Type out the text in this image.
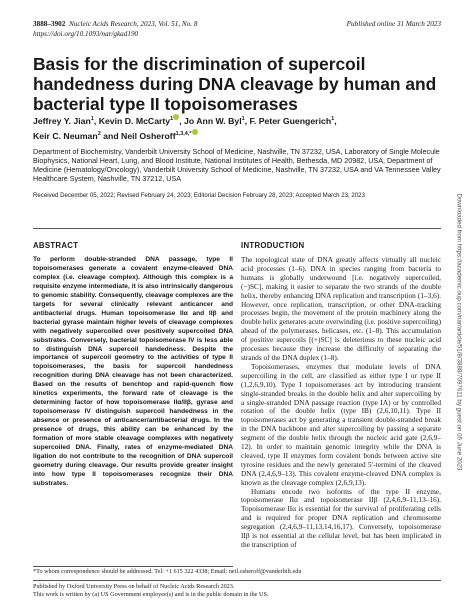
3888–3902 Nucleic Acids Research, 2023, Vol. 51, No. 8	Published online 31 March 2023
https://doi.org/10.1093/nar/gkad190
Basis for the discrimination of supercoil handedness during DNA cleavage by human and bacterial type II topoisomerases
Jeffrey Y. Jian$^1$, Kevin D. McCarty$^1$ , Jo Ann W. Byl$^1$, F. Peter Guengerich$^1$,
Keir C. Neuman$^2$ and Neil Osheroff$^{1,3,4,*}$
Department of Biochemistry, Vanderbilt University School of Medicine, Nashville, TN 37232, USA, Laboratory of Single Molecule Biophysics, National Heart, Lung, and Blood Institute, National Institutes of Health, Bethesda, MD 20982, USA, Department of Medicine (Hematology/Oncology), Vanderbilt University School of Medicine, Nashville, TN 37232, USA and VA Tennessee Valley Healthcare System, Nashville, TN 37212, USA
Received December 05, 2022; Revised February 24, 2023; Editorial Decision February 28, 2023; Accepted March 23, 2023
ABSTRACT

To perform double-stranded DNA passage, type II topoisomerases generate a covalent enzyme-cleaved DNA complex (i.e. cleavage complex). Although this complex is a requisite enzyme intermediate, it is also intrinsically dangerous to genomic stability. Consequently, cleavage complexes are the targets for several clinically relevant anticancer and antibacterial drugs. Human topoisomerase IIα and IIβ and bacterial gyrase maintain higher levels of cleavage complexes with negatively supercoiled over positively supercoiled DNA substrates. Conversely, bacterial topoisomerase IV is less able to distinguish DNA supercoil handedness. Despite the importance of supercoil geometry to the activities of type II topoisomerases, the basis for supercoil handedness recognition during DNA cleavage has not been characterized. Based on the results of benchtop and rapid-quench flow kinetics experiments, the forward rate of cleavage is the determining factor of how topoisomerase IIα/IIβ, gyrase and topoisomerase IV distinguish supercoil handedness in the absence or presence of anticancer/antibacterial drugs. In the presence of drugs, this ability can be enhanced by the formation of more stable cleavage complexes with negatively supercoiled DNA. Finally, rates of enzyme-mediated DNA ligation do not contribute to the recognition of DNA supercoil geometry during cleavage. Our results provide greater insight into how type II topoisomerases recognize their DNA substrates.

INTRODUCTION

The topological state of DNA greatly affects virtually all nucleic acid processes (1–6). DNA in species ranging from bacteria to humans is globally underwound [i.e. negatively supercoiled, (−)SC], making it easier to separate the two strands of the double helix, thereby enhancing DNA replication and transcription (1–3,6). However, once replication, transcription, or other DNA-tracking processes begin, the movement of the protein machinery along the double helix generates acute overwinding (i.e. positive supercoiling) ahead of the polymerases, helicases, etc. (1–8). This accumulation of positive supercoils [(+)SC] is deleterious to these nucleic acid processes because they increase the difficulty of separating the strands of the DNA duplex (1–8).

Topoisomerases, enzymes that modulate levels of DNA supercoiling in the cell, are classified as either type I or type II (1,2,6,9,10). Type I topoisomerases act by introducing transient single-stranded breaks in the double helix and alter supercoiling by a single-stranded DNA passage reaction (type IA) or by controlled rotation of the double helix (type IB) (2,6,10,11). Type II topoisomerases act by generating a transient double-stranded break in the DNA backbone and alter supercoiling by passing a separate segment of the double helix through the nucleic acid gate (2,6,9–12). In order to maintain genomic integrity while the DNA is cleaved, type II enzymes form covalent bonds between active site tyrosine residues and the newly generated 5′-termini of the cleaved DNA (2,4,6,9–13). This covalent enzyme-cleaved DNA complex is known as the cleavage complex (2,6,9,13).

Humans encode two isoforms of the type II enzyme, topoisomerase IIα and topoisomerase IIβ (2,4,6,9–11,13–16). Topoisomerase IIα is essential for the survival of proliferating cells and is required for proper DNA replication and chromosome segregation (2,4,6,9–11,13,14,16,17). Conversely, topoisomerase IIβ is not essential at the cellular level, but has been implicated in the transcription of

*To whom correspondence should be addressed. Tel: +1 615 322 4338; Email: neil.osheroff@vanderbilt.edu
Published by Oxford University Press on behalf of Nucleic Acids Research 2023.
This work is written by (a) US Government employee(s) and is in the public domain in the US.
Downloaded from https://academic.oup.com/nar/article/51/8/3888/7097611 by guest on 05 June 2023
